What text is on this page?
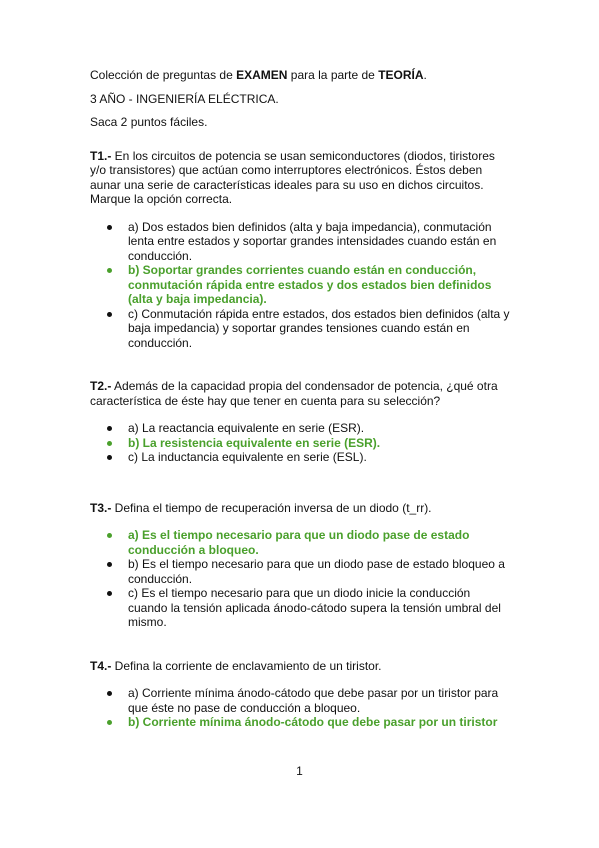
Colección de preguntas de EXAMEN para la parte de TEORÍA.

3 AÑO - INGENIERÍA ELÉCTRICA.

Saca 2 puntos fáciles.

T1.- En los circuitos de potencia se usan semiconductores (diodos, tiristores y/o transistores) que actúan como interruptores electrónicos. Éstos deben aunar una serie de características ideales para su uso en dichos circuitos. Marque la opción correcta.

a) Dos estados bien definidos (alta y baja impedancia), conmutación lenta entre estados y soportar grandes intensidades cuando están en conducción.
b) Soportar grandes corrientes cuando están en conducción, conmutación rápida entre estados y dos estados bien definidos (alta y baja impedancia).
c) Conmutación rápida entre estados, dos estados bien definidos (alta y baja impedancia) y soportar grandes tensiones cuando están en conducción.

T2.- Además de la capacidad propia del condensador de potencia, ¿qué otra característica de éste hay que tener en cuenta para su selección?

a) La reactancia equivalente en serie (ESR).
b) La resistencia equivalente en serie (ESR).
c) La inductancia equivalente en serie (ESL).

T3.- Defina el tiempo de recuperación inversa de un diodo (t_rr).

a) Es el tiempo necesario para que un diodo pase de estado conducción a bloqueo.
b) Es el tiempo necesario para que un diodo pase de estado bloqueo a conducción.
c) Es el tiempo necesario para que un diodo inicie la conducción cuando la tensión aplicada ánodo-cátodo supera la tensión umbral del mismo.

T4.- Defina la corriente de enclavamiento de un tiristor.

a) Corriente mínima ánodo-cátodo que debe pasar por un tiristor para que éste no pase de conducción a bloqueo.
b) Corriente mínima ánodo-cátodo que debe pasar por un tiristor
1
